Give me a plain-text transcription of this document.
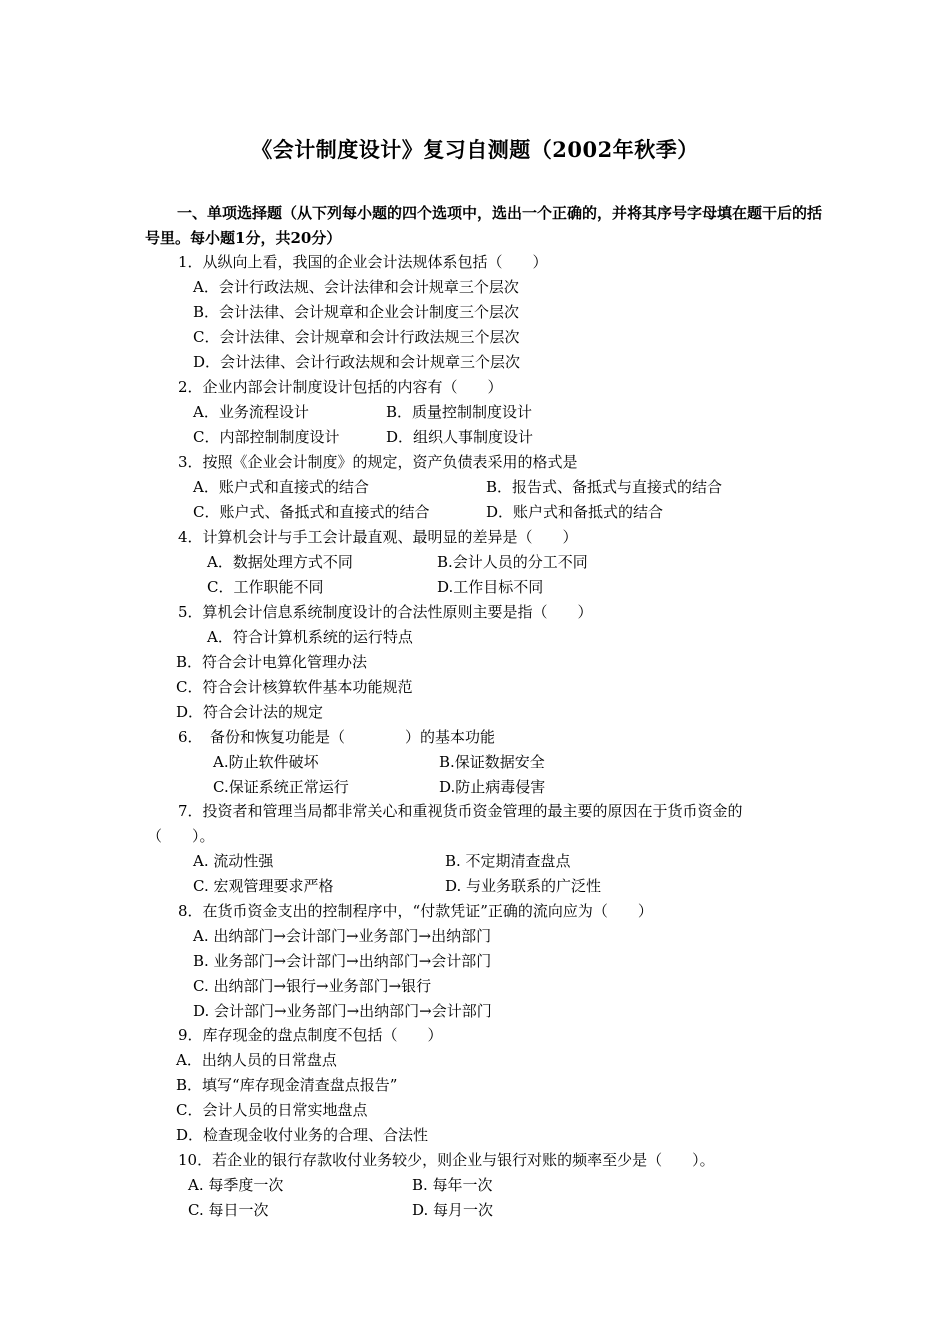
《会计制度设计》复习自测题（2002年秋季）
一、单项选择题（从下列每小题的四个选项中，选出一个正确的，并将其序号字母填在题干后的括号里。每小题1分，共20分）
1．从纵向上看，我国的企业会计法规体系包括（　　）
A．会计行政法规、会计法律和会计规章三个层次
B．会计法律、会计规章和企业会计制度三个层次
C．会计法律、会计规章和会计行政法规三个层次
D．会计法律、会计行政法规和会计规章三个层次
2．企业内部会计制度设计包括的内容有（　　）
A．业务流程设计	B．质量控制制度设计
C．内部控制制度设计	D．组织人事制度设计
3．按照《企业会计制度》的规定，资产负债表采用的格式是
A．账户式和直接式的结合	B．报告式、备抵式与直接式的结合
C．账户式、备抵式和直接式的结合	D．账户式和备抵式的结合
4．计算机会计与手工会计最直观、最明显的差异是（　　）
A．数据处理方式不同	B.会计人员的分工不同
C．工作职能不同	D.工作目标不同
5．算机会计信息系统制度设计的合法性原则主要是指（　　）
A．符合计算机系统的运行特点
B．符合会计电算化管理办法
C．符合会计核算软件基本功能规范
D．符合会计法的规定
6．　备份和恢复功能是（　　　　）的基本功能
A.防止软件破坏	B.保证数据安全
C.保证系统正常运行	D.防止病毒侵害
7．投资者和管理当局都非常关心和重视货币资金管理的最主要的原因在于货币资金的
（　　）。
A. 流动性强	B. 不定期清查盘点
C. 宏观管理要求严格	D. 与业务联系的广泛性
8．在货币资金支出的控制程序中，“付款凭证”正确的流向应为（　　）
A. 出纳部门→会计部门→业务部门→出纳部门
B. 业务部门→会计部门→出纳部门→会计部门
C. 出纳部门→银行→业务部门→银行
D. 会计部门→业务部门→出纳部门→会计部门
9．库存现金的盘点制度不包括（　　）
A．出纳人员的日常盘点
B．填写“库存现金清查盘点报告”
C．会计人员的日常实地盘点
D．检查现金收付业务的合理、合法性
10．若企业的银行存款收付业务较少，则企业与银行对账的频率至少是（　　）。
A. 每季度一次	B. 每年一次
C. 每日一次	D. 每月一次
